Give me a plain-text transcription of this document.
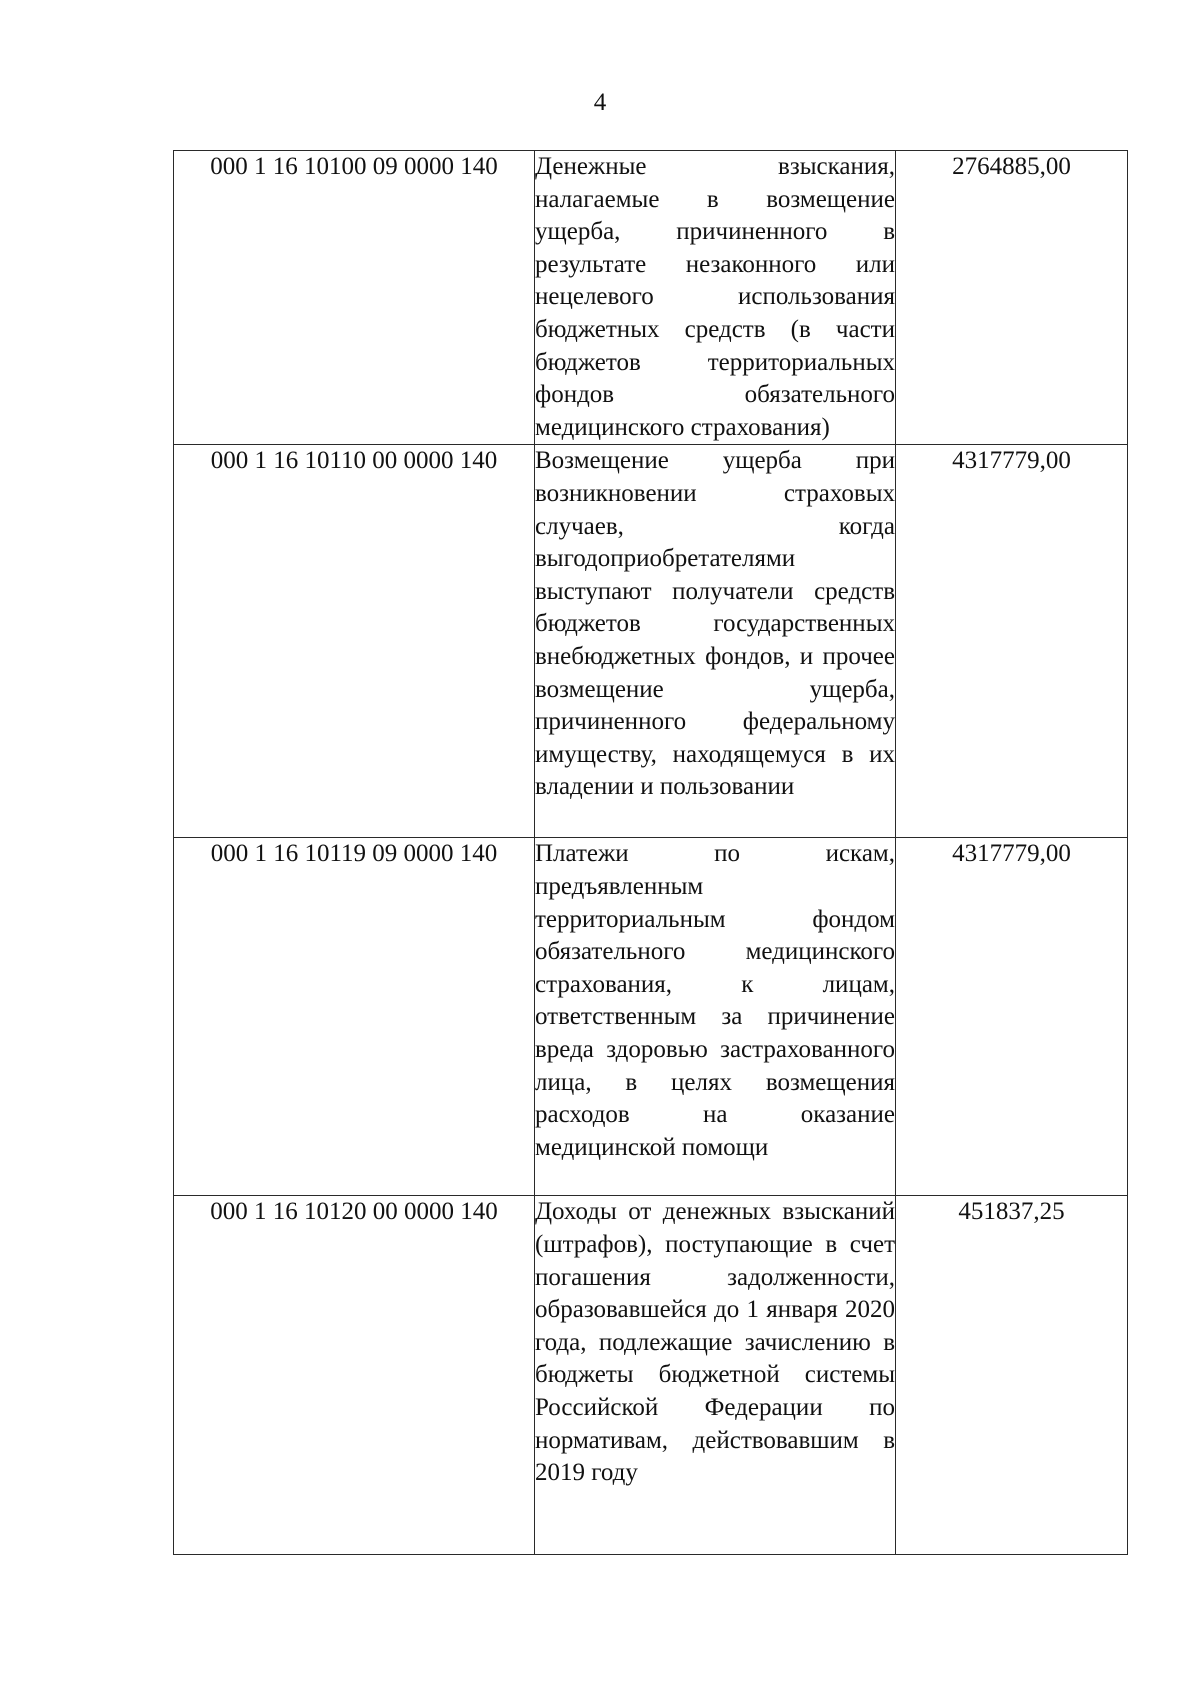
4
000 1 16 10100 09 0000 140	Денежные взыскания, налагаемые в возмещение ущерба, причиненного в результате незаконного или нецелевого использования бюджетных средств (в части бюджетов территориальных фондов обязательного медицинского страхования)	2764885,00
000 1 16 10110 00 0000 140	Возмещение ущерба при возникновении страховых случаев, когда выгодоприобретателями выступают получатели средств бюджетов государственных внебюджетных фондов, и прочее возмещение ущерба, причиненного федеральному имуществу, находящемуся в их владении и пользовании	4317779,00
000 1 16 10119 09 0000 140	Платежи по искам, предъявленным территориальным фондом обязательного медицинского страхования, к лицам, ответственным за причинение вреда здоровью застрахованного лица, в целях возмещения расходов на оказание медицинской помощи	4317779,00
000 1 16 10120 00 0000 140	Доходы от денежных взысканий (штрафов), поступающие в счет погашения задолженности, образовавшейся до 1 января 2020 года, подлежащие зачислению в бюджеты бюджетной системы Российской Федерации по нормативам, действовавшим в 2019 году	451837,25
